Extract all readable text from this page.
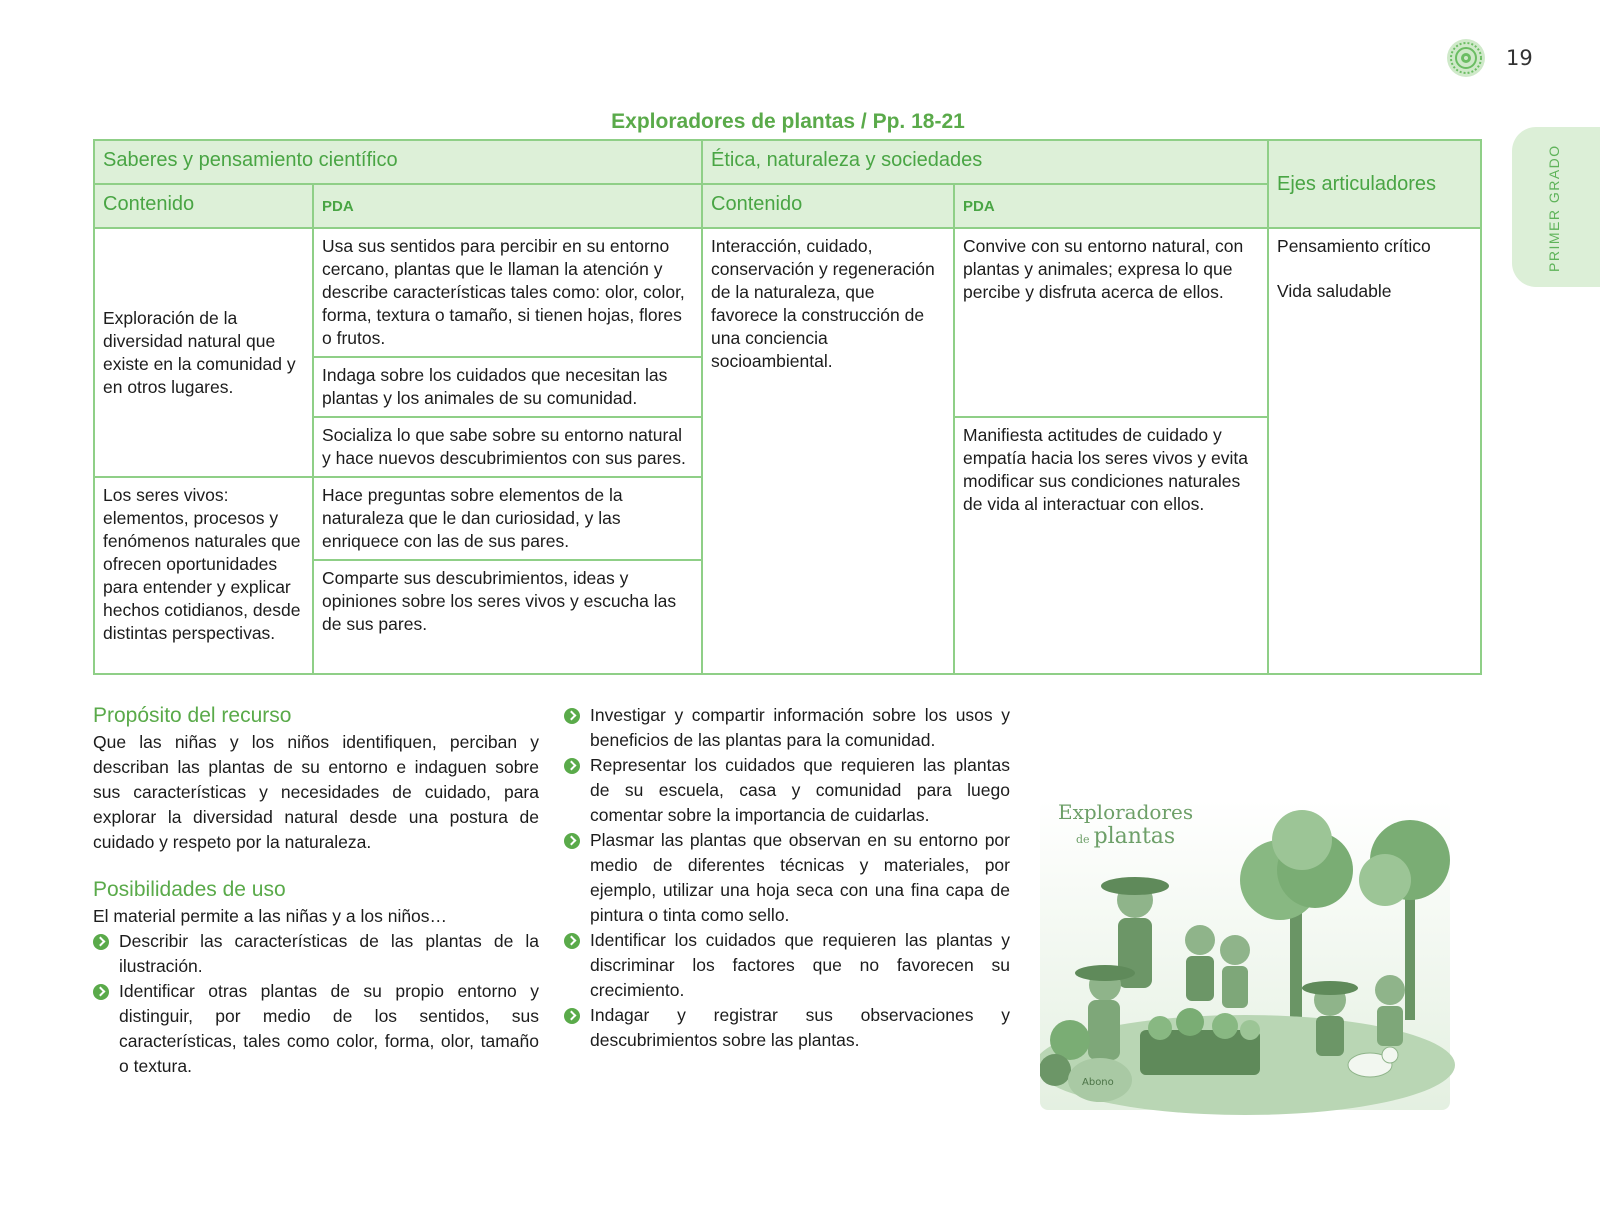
19
PRIMER GRADO
Exploradores de plantas / Pp. 18-21
Saberes y pensamiento científico		Ética, naturaleza y sociedades		Ejes articuladores
Contenido	PDA	Contenido	PDA	
Exploración de la diversidad natural que existe en la comunidad y en otros lugares.	Usa sus sentidos para percibir en su entorno cercano, plantas que le llaman la atención y describe características tales como: olor, color, forma, textura o tamaño, si tienen hojas, flores o frutos.	Interacción, cuidado, conservación y regeneración de la naturaleza, que favorece la construcción de una conciencia socioambiental.	Convive con su entorno natural, con plantas y animales; expresa lo que percibe y disfruta acerca de ellos.	Pensamiento crítico
Vida saludable

	Indaga sobre los cuidados que necesitan las plantas y los animales de su comunidad.			
	Socializa lo que sabe sobre su entorno natural y hace nuevos descubrimientos con sus pares.		Manifiesta actitudes de cuidado y empatía hacia los seres vivos y evita modificar sus condiciones naturales de vida al interactuar con ellos.	
Los seres vivos: elementos, procesos y fenómenos naturales que ofrecen oportunidades para entender y explicar hechos cotidianos, desde distintas perspectivas.	Hace preguntas sobre elementos de la naturaleza que le dan curiosidad, y las enriquece con las de sus pares.			
	Comparte sus descubrimientos, ideas y opiniones sobre los seres vivos y escucha las de sus pares.			
Propósito del recurso

Que las niñas y los niños identifiquen, perciban y describan las plantas de su entorno e indaguen sobre sus características y necesidades de cuidado, para explorar la diversidad natural desde una postura de cuidado y respeto por la naturaleza.

Posibilidades de uso

El material permite a las niñas y a los niños…

Describir las características de las plantas de la ilustración.
Identificar otras plantas de su propio entorno y distinguir, por medio de los sentidos, sus características, tales como color, forma, olor, tamaño o textura.
Investigar y compartir información sobre los usos y beneficios de las plantas para la comunidad.
Representar los cuidados que requieren las plantas de su escuela, casa y comunidad para luego comentar sobre la importancia de cuidarlas.
Plasmar las plantas que observan en su entorno por medio de diferentes técnicas y materiales, por ejemplo, utilizar una hoja seca con una fina capa de pintura o tinta como sello.
Identificar los cuidados que requieren las plantas y discriminar los factores que no favorecen su crecimiento.
Indagar y registrar sus observaciones y descubrimientos sobre las plantas.
Exploradores
de plantas
Abono
